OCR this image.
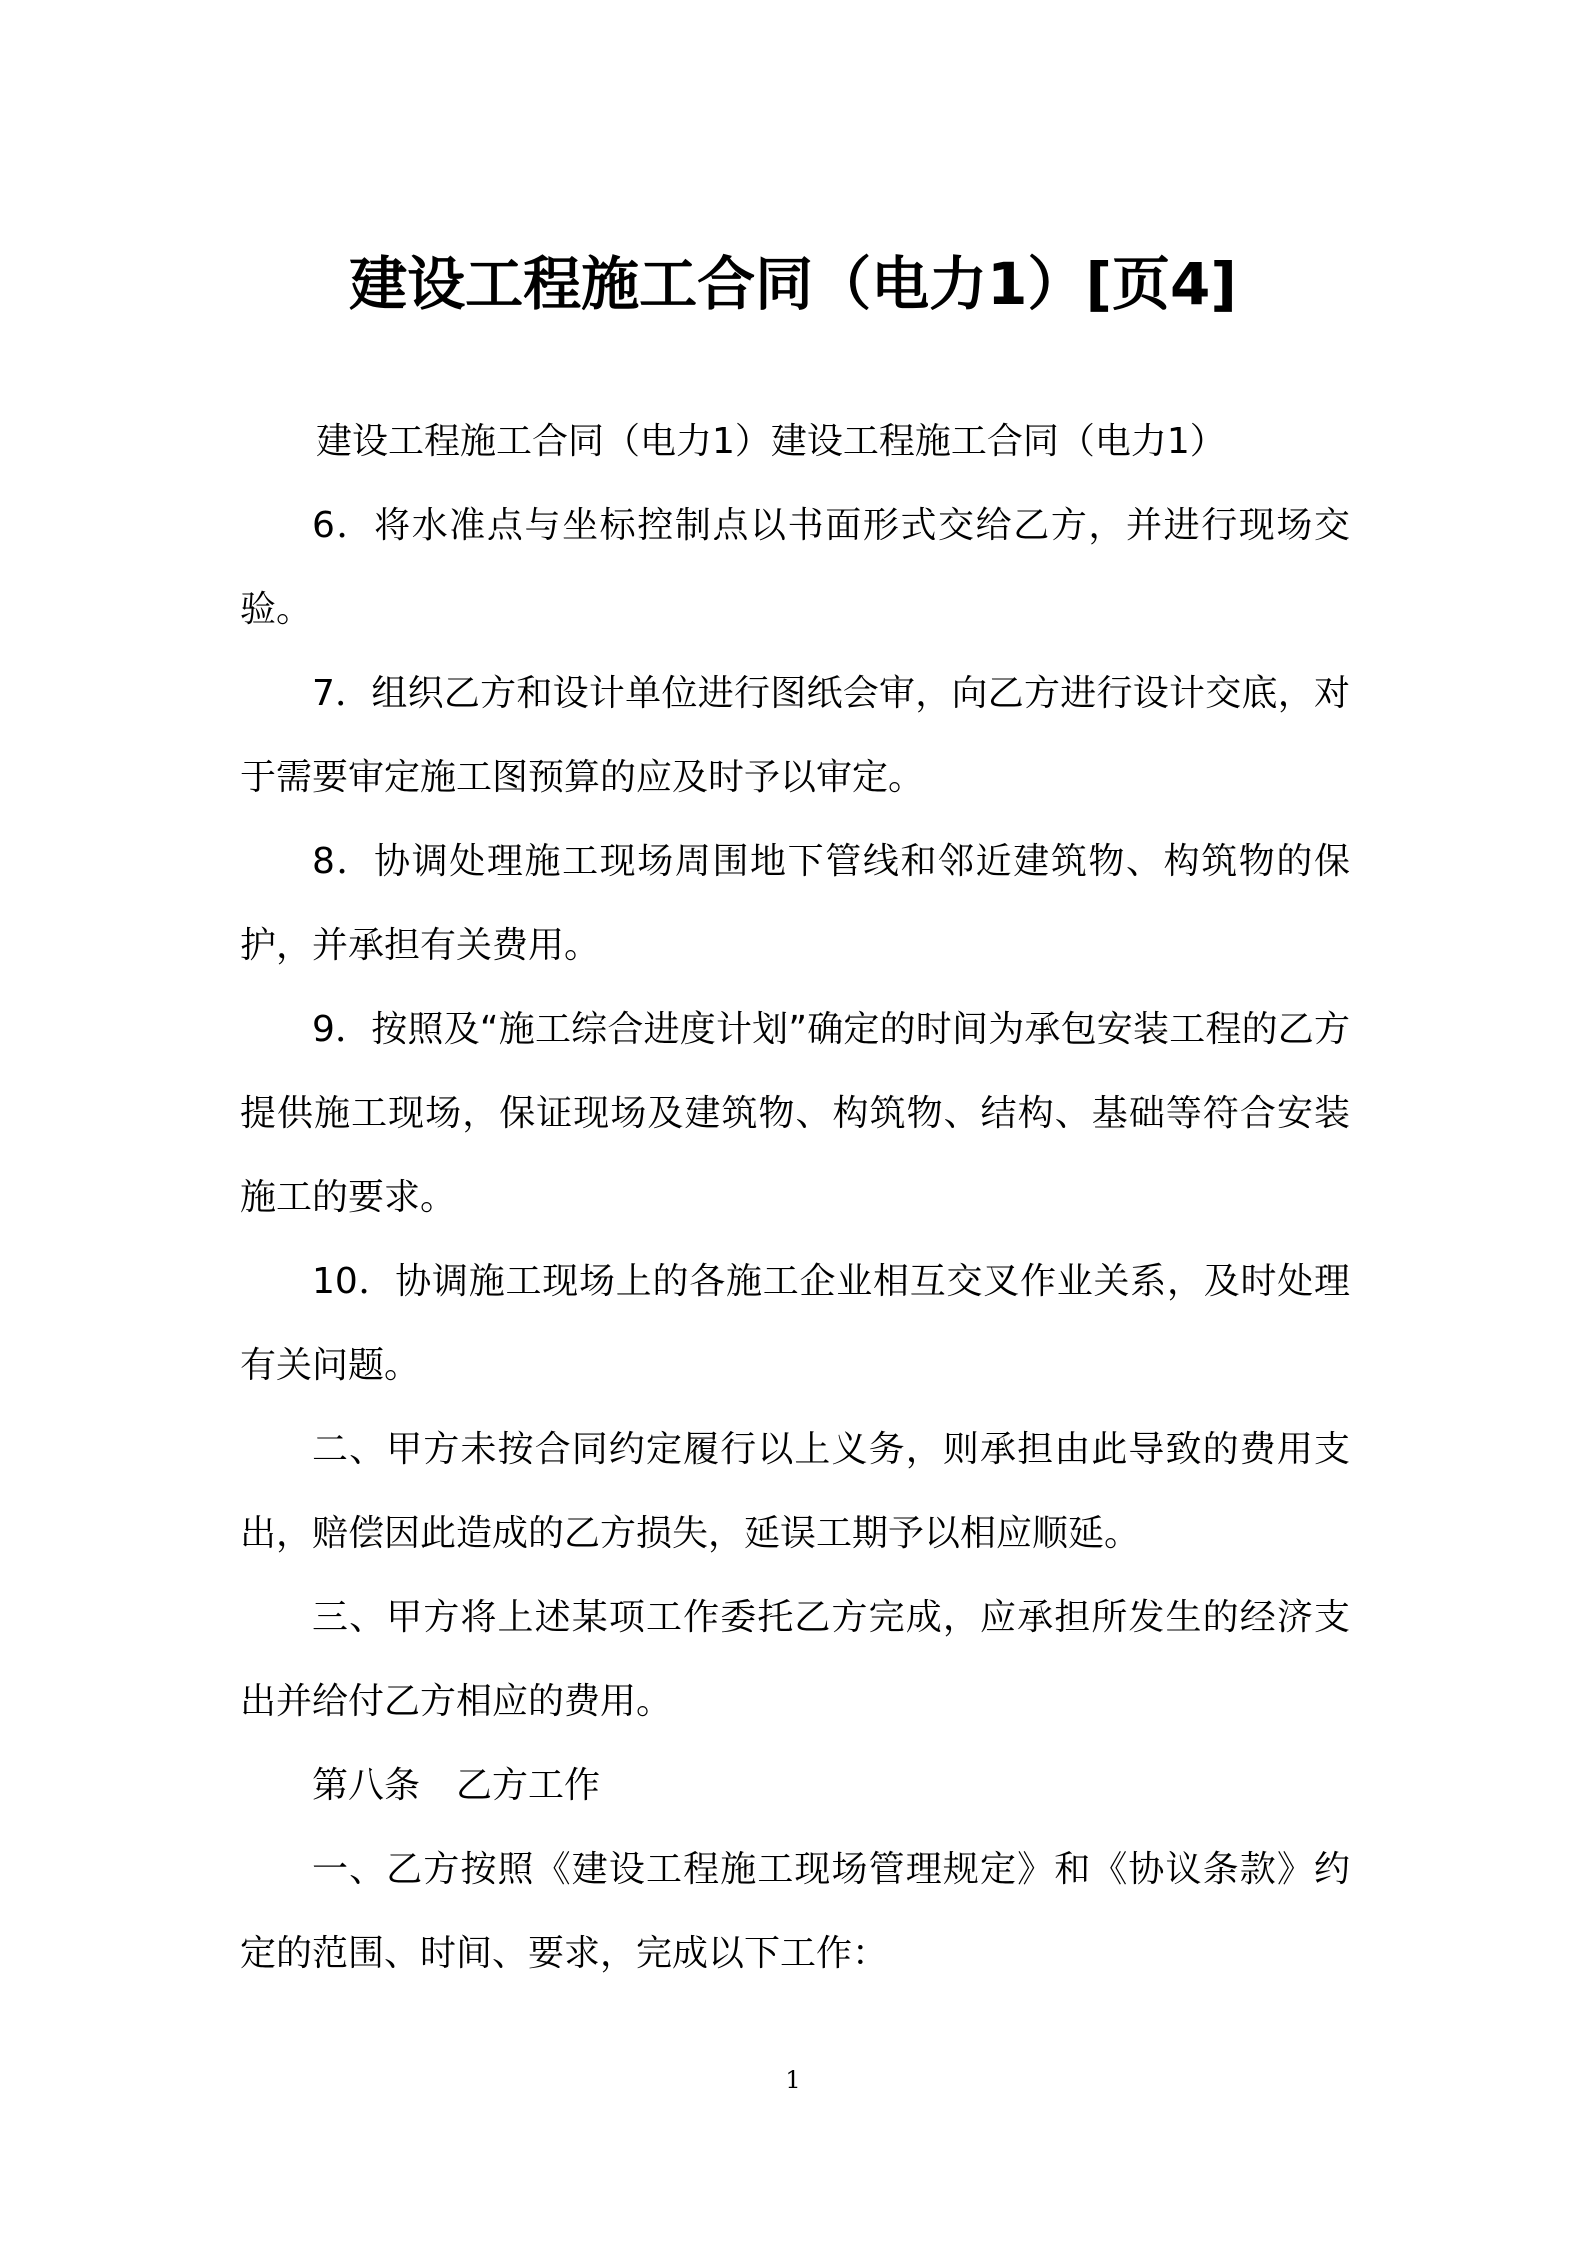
建设工程施工合同（电力1）[页4]

建设工程施工合同（电力1）建设工程施工合同（电力1）

6．将水准点与坐标控制点以书面形式交给乙方，并进行现场交验。

7．组织乙方和设计单位进行图纸会审，向乙方进行设计交底，对于需要审定施工图预算的应及时予以审定。

8．协调处理施工现场周围地下管线和邻近建筑物、构筑物的保护，并承担有关费用。

9．按照及“施工综合进度计划”确定的时间为承包安装工程的乙方提供施工现场，保证现场及建筑物、构筑物、结构、基础等符合安装施工的要求。

10．协调施工现场上的各施工企业相互交叉作业关系，及时处理有关问题。

二、甲方未按合同约定履行以上义务，则承担由此导致的费用支出，赔偿因此造成的乙方损失，延误工期予以相应顺延。

三、甲方将上述某项工作委托乙方完成，应承担所发生的经济支出并给付乙方相应的费用。

第八条　乙方工作

一、乙方按照《建设工程施工现场管理规定》和《协议条款》约定的范围、时间、要求，完成以下工作：

1
